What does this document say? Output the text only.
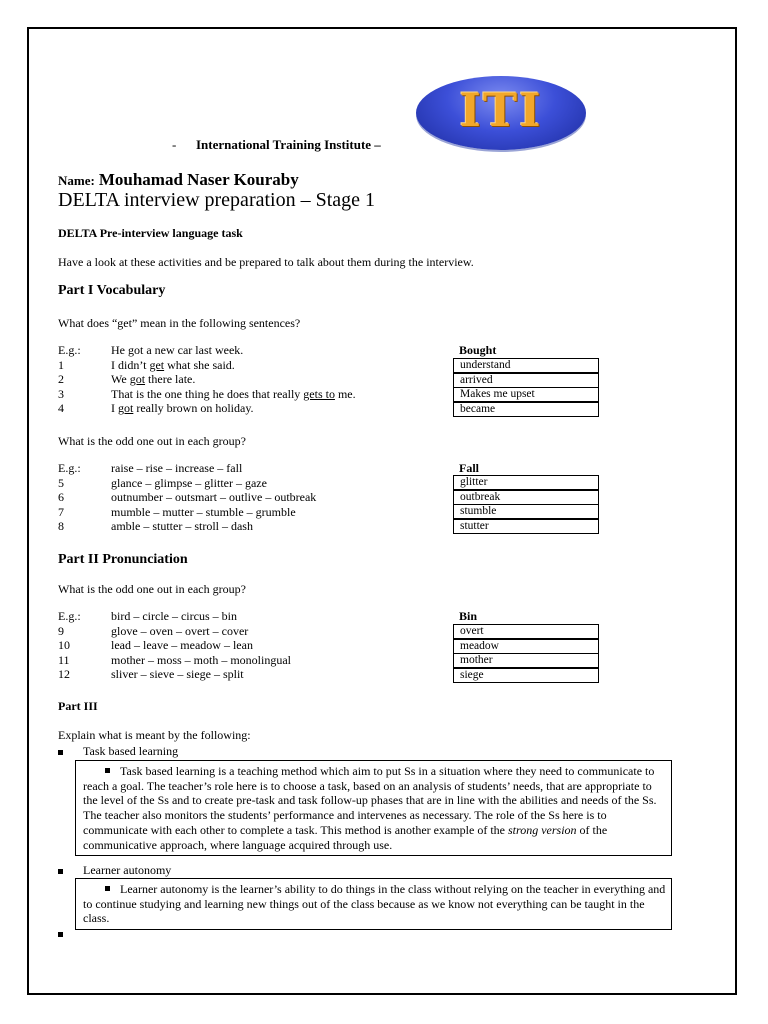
ITI
- International Training Institute –
Name: Mouhamad Naser Kouraby
DELTA interview preparation – Stage 1
DELTA Pre-interview language task
Have a look at these activities and be prepared to talk about them during the interview.
Part I Vocabulary
What does “get” mean in the following sentences?
E.g.:	He got a new car last week.	Bought
1	I didn’t get what she said.	understand
2	We got there late.	arrived
3	That is the one thing he does that really gets to me.	Makes me upset
4	I got really brown on holiday.	became
What is the odd one out in each group?
E.g.:	raise – rise – increase – fall	Fall
5	glance – glimpse – glitter – gaze	glitter
6	outnumber – outsmart – outlive – outbreak	outbreak
7	mumble – mutter – stumble – grumble	stumble
8	amble – stutter – stroll – dash	stutter
Part II Pronunciation
What is the odd one out in each group?
E.g.:	bird – circle – circus – bin	Bin
9	glove – oven – overt – cover	overt
10	lead – leave – meadow – lean	meadow
11	mother – moss – moth – monolingual	mother
12	sliver – sieve – siege – split	siege
Part III
Explain what is meant by the following:
Task based learning
Task based learning is a teaching method which aim to put Ss in a situation where they need to communicate to reach a goal. The teacher’s role here is to choose a task, based on an analysis of students’ needs, that are appropriate to the level of the Ss and to create pre-task and task follow-up phases that are in line with the abilities and needs of the Ss. The teacher also monitors the students’ performance and intervenes as necessary. The role of the Ss here is to communicate with each other to complete a task. This method is another example of the strong version of the communicative approach, where language acquired through use.
Learner autonomy
Learner autonomy is the learner’s ability to do things in the class without relying on the teacher in everything and to continue studying and learning new things out of the class because as we know not everything can be taught in the class.
